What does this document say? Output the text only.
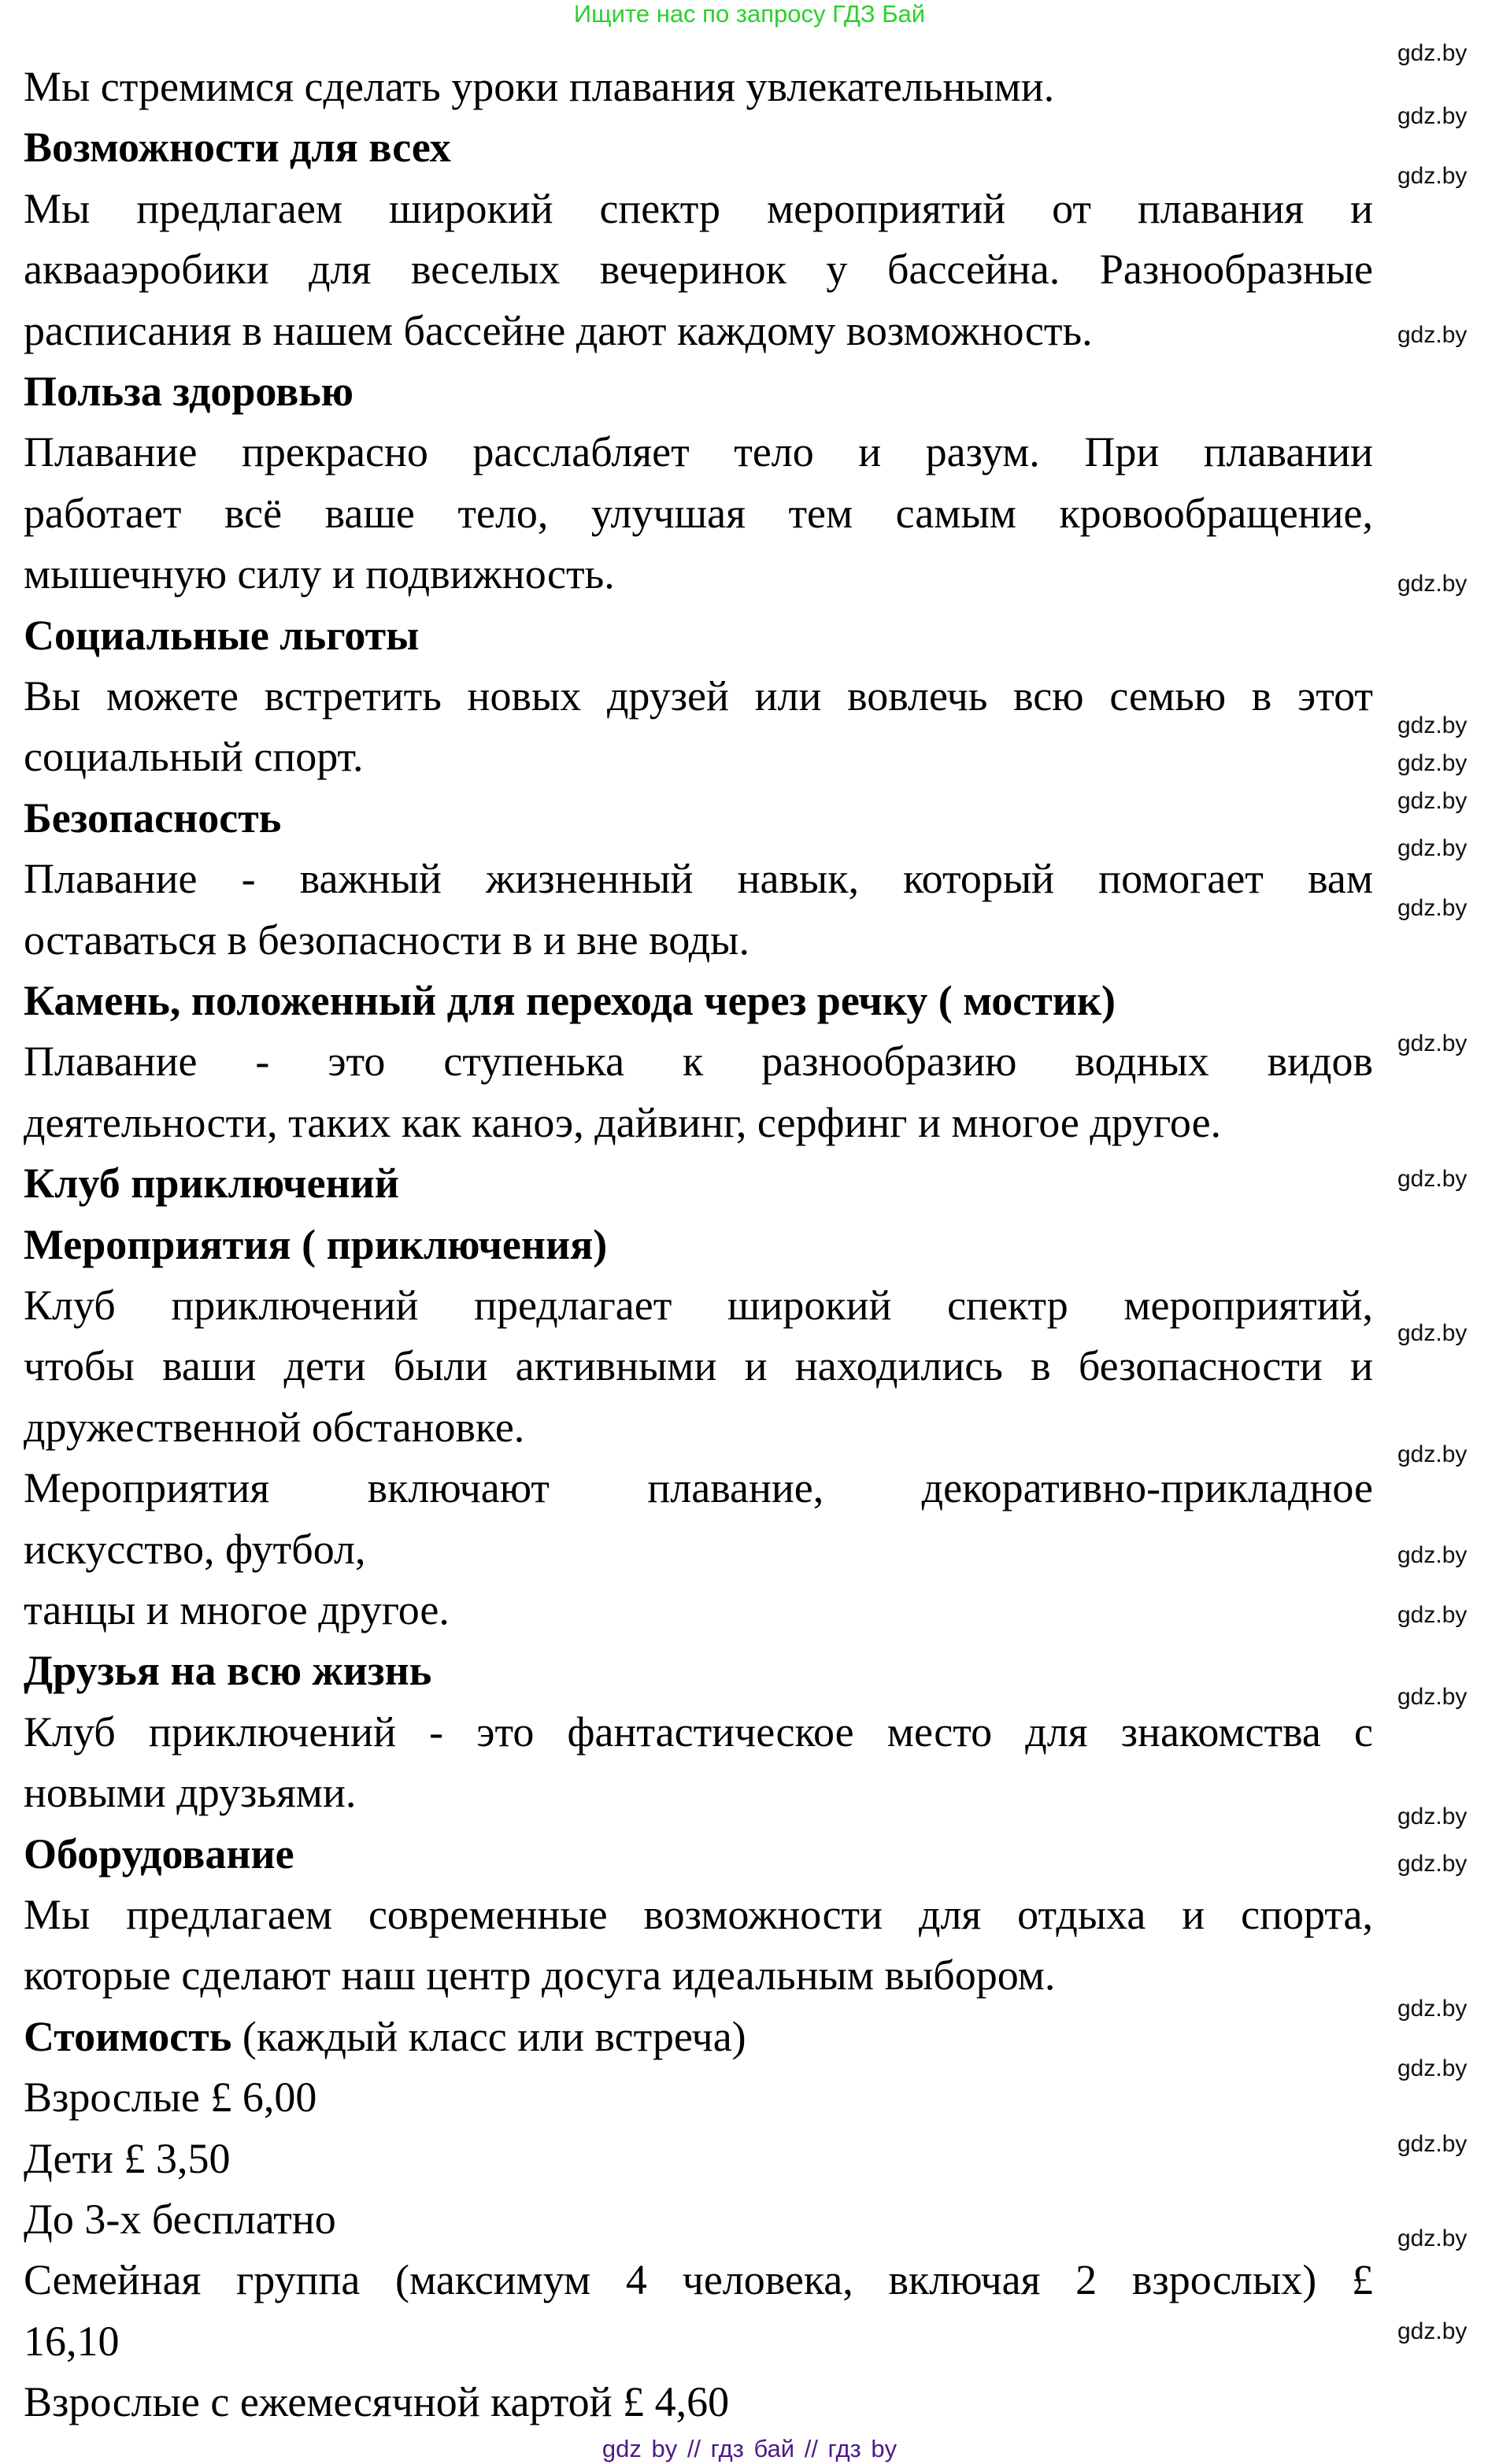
Ищите нас по запросу ГДЗ Бай
Мы стремимся сделать уроки плавания увлекательными.
Возможности для всех
Мы предлагаем широкий спектр мероприятий от плавания и
аквааэробики для веселых вечеринок у бассейна. Разнообразные
расписания в нашем бассейне дают каждому возможность.
Польза здоровью
Плавание прекрасно расслабляет тело и разум. При плавании
работает всё ваше тело, улучшая тем самым кровообращение,
мышечную силу и подвижность.
Социальные льготы
Вы можете встретить новых друзей или вовлечь всю семью в этот
социальный спорт.
Безопасность
Плавание - важный жизненный навык, который помогает вам
оставаться в безопасности в и вне воды.
Камень, положенный для перехода через речку ( мостик)
Плавание - это ступенька к разнообразию водных видов
деятельности, таких как каноэ, дайвинг, серфинг и многое другое.
Клуб приключений
Мероприятия ( приключения)
Клуб приключений предлагает широкий спектр мероприятий,
чтобы ваши дети были активными и находились в безопасности и
дружественной обстановке.
Мероприятия включают плавание, декоративно-прикладное
искусство, футбол,
танцы и многое другое.
Друзья на всю жизнь
Клуб приключений - это фантастическое место для знакомства с
новыми друзьями.
Оборудование
Мы предлагаем современные возможности для отдыха и спорта,
которые сделают наш центр досуга идеальным выбором.
Стоимость (каждый класс или встреча)
Взрослые £ 6,00
Дети £ 3,50
До 3-х бесплатно
Семейная группа (максимум 4 человека, включая 2 взрослых) £
16,10
Взрослые с ежемесячной картой £ 4,60
gdz.by
gdz.by
gdz.by
gdz.by
gdz.by
gdz.by
gdz.by
gdz.by
gdz.by
gdz.by
gdz.by
gdz.by
gdz.by
gdz.by
gdz.by
gdz.by
gdz.by
gdz.by
gdz.by
gdz.by
gdz.by
gdz.by
gdz.by
gdz.by
gdz by // гдз бай // гдз by
